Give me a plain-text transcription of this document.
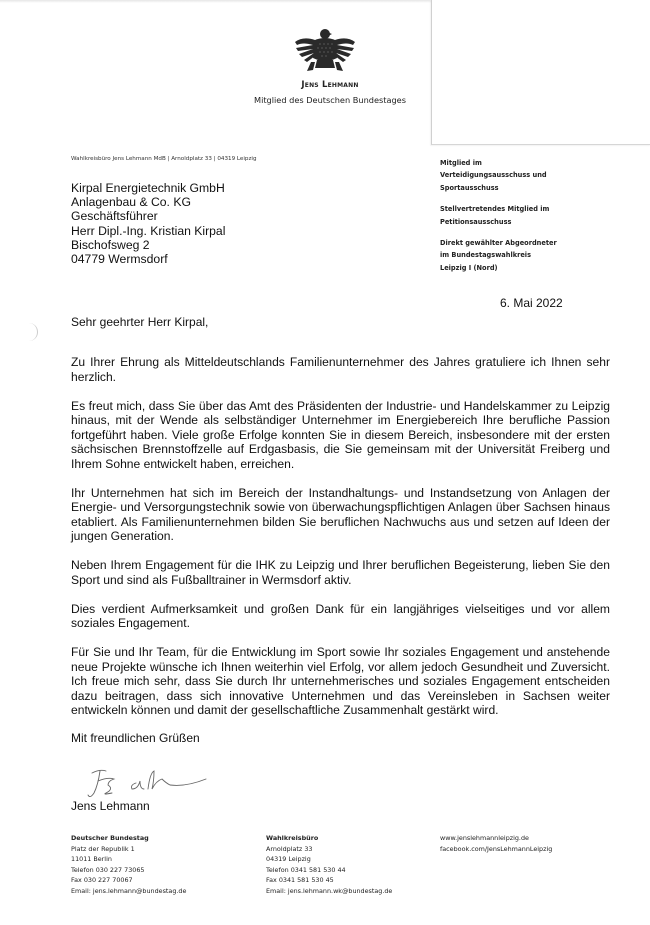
Jens Lehmann
Mitglied des Deutschen Bundestages
Wahlkreisbüro Jens Lehmann MdB | Arnoldplatz 33 | 04319 Leipzig
Kirpal Energietechnik GmbH
Anlagenbau & Co. KG
Geschäftsführer
Herr Dipl.-Ing. Kristian Kirpal
Bischofsweg 2
04779 Wermsdorf
Mitglied im
Verteidigungsausschuss und
Sportausschuss
Stellvertretendes Mitglied im
Petitionsausschuss
Direkt gewählter Abgeordneter
im Bundestagswahlkreis
Leipzig I (Nord)
6. Mai 2022
Sehr geehrter Herr Kirpal,

Zu Ihrer Ehrung als Mitteldeutschlands Familienunternehmer des Jahres gratuliere ich Ihnen sehr herzlich.

Es freut mich, dass Sie über das Amt des Präsidenten der Industrie- und Handelskammer zu Leipzig hinaus, mit der Wende als selbständiger Unternehmer im Energiebereich Ihre berufliche Passion fortgeführt haben. Viele große Erfolge konnten Sie in diesem Bereich, insbesondere mit der ersten sächsischen Brennstoffzelle auf Erdgasbasis, die Sie gemeinsam mit der Universität Freiberg und Ihrem Sohne entwickelt haben, erreichen.

Ihr Unternehmen hat sich im Bereich der Instandhaltungs- und Instandsetzung von Anlagen der Energie- und Versorgungstechnik sowie von überwachungspflichtigen Anlagen über Sachsen hinaus etabliert. Als Familienunternehmen bilden Sie beruflichen Nachwuchs aus und setzen auf Ideen der jungen Generation.

Neben Ihrem Engagement für die IHK zu Leipzig und Ihrer beruflichen Begeisterung, lieben Sie den Sport und sind als Fußballtrainer in Wermsdorf aktiv.

Dies verdient Aufmerksamkeit und großen Dank für ein langjähriges vielseitiges und vor allem soziales Engagement.

Für Sie und Ihr Team, für die Entwicklung im Sport sowie Ihr soziales Engagement und anstehende neue Projekte wünsche ich Ihnen weiterhin viel Erfolg, vor allem jedoch Gesundheit und Zuversicht. Ich freue mich sehr, dass Sie durch Ihr unternehmerisches und soziales Engagement entscheiden dazu beitragen, dass sich innovative Unternehmen und das Vereinsleben in Sachsen weiter entwickeln können und damit der gesellschaftliche Zusammenhalt gestärkt wird.

Mit freundlichen Grüßen
Jens Lehmann
Deutscher Bundestag
Platz der Republik 1
11011 Berlin
Telefon 030 227 73065
Fax 030 227 70067
Email: jens.lehmann@bundestag.de
Wahlkreisbüro
Arnoldplatz 33
04319 Leipzig
Telefon 0341 581 530 44
Fax 0341 581 530 45
Email: jens.lehmann.wk@bundestag.de
www.jenslehmannleipzig.de
facebook.com/JensLehmannLeipzig
